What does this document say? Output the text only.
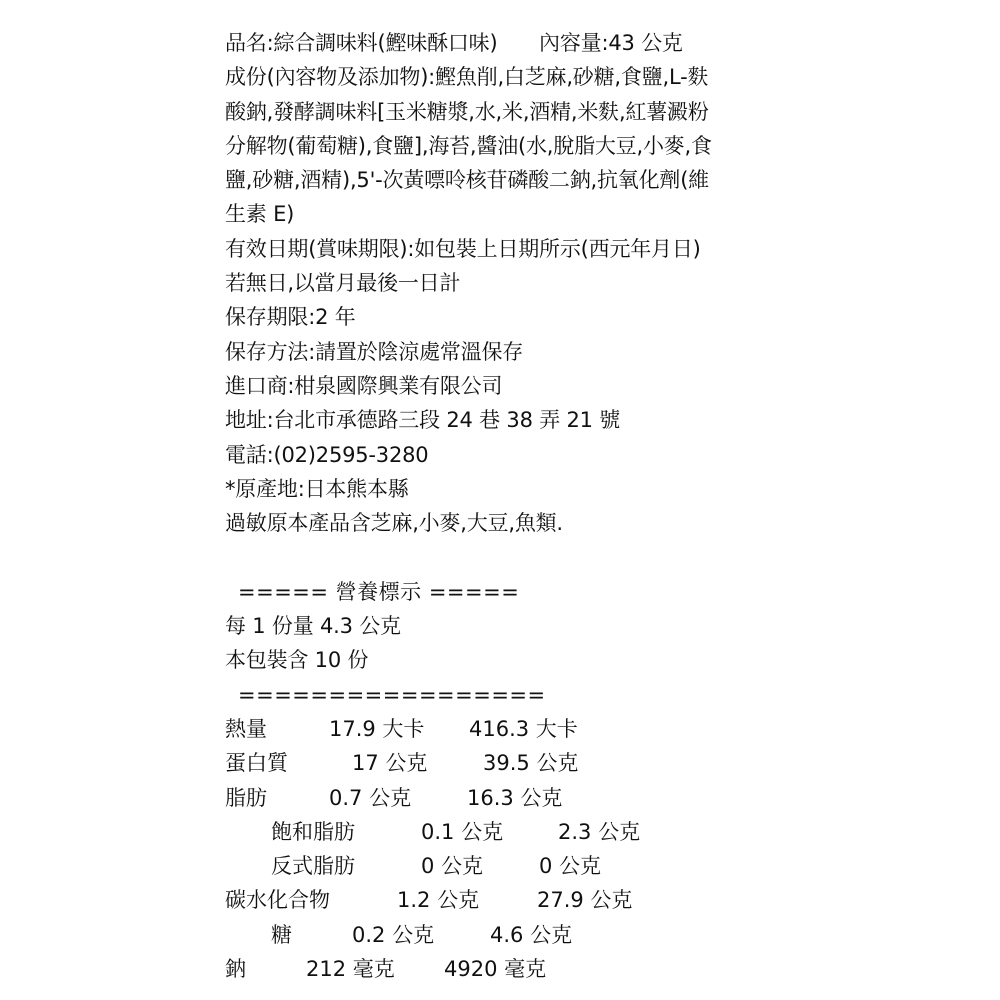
品名:綜合調味料(鰹味酥口味)　　內容量:43 公克
成份(內容物及添加物):鰹魚削,白芝麻,砂糖,食鹽,L-麩
酸鈉,發酵調味料[玉米糖漿,水,米,酒精,米麩,紅薯澱粉
分解物(葡萄糖),食鹽],海苔,醬油(水,脫脂大豆,小麥,食
鹽,砂糖,酒精),5'-次黃嘌呤核苷磷酸二鈉,抗氧化劑(維
生素 E)
有效日期(賞味期限):如包裝上日期所示(西元年月日)
若無日,以當月最後一日計
保存期限:2 年
保存方法:請置於陰涼處常溫保存
進口商:柑泉國際興業有限公司
地址:台北市承德路三段 24 巷 38 弄 21 號
電話:(02)2595-3280
*原產地:日本熊本縣
過敏原本產品含芝麻,小麥,大豆,魚類.
===== 營養標示 =====
每 1 份量 4.3 公克
本包裝含 10 份
=================
熱量	17.9 大卡 416.3 大卡
蛋白質	17 公克	39.5 公克
脂肪	0.7 公克	16.3 公克
飽和脂肪	0.1 公克	2.3 公克
反式脂肪	0 公克	0 公克
碳水化合物	1.2 公克	27.9 公克
糖	0.2 公克	4.6 公克
鈉	212 毫克 4920 毫克
